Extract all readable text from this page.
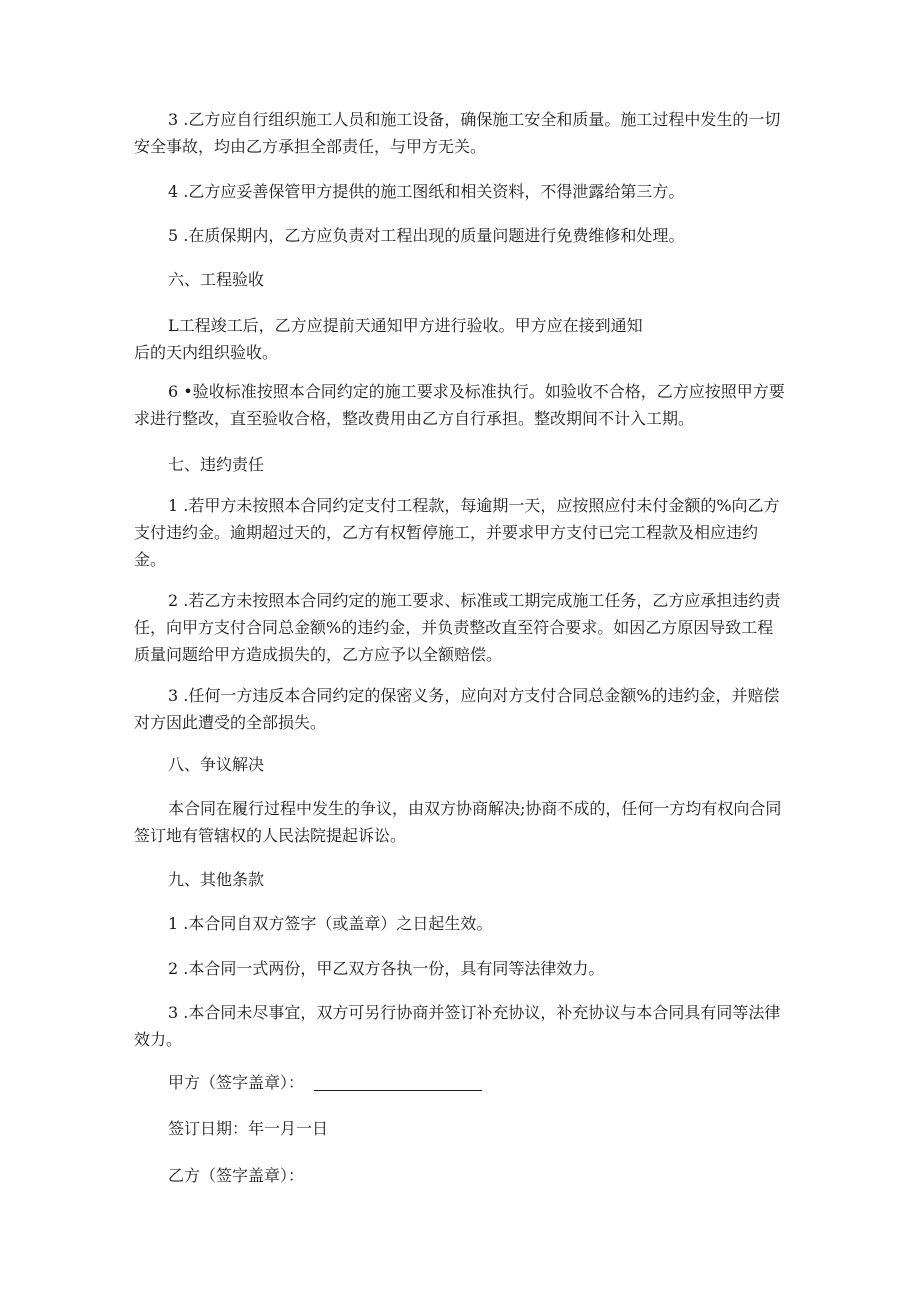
3 .乙方应自行组织施工人员和施工设备，确保施工安全和质量。施工过程中发生的一切安全事故，均由乙方承担全部责任，与甲方无关。
4 .乙方应妥善保管甲方提供的施工图纸和相关资料，不得泄露给第三方。
5 .在质保期内，乙方应负责对工程出现的质量问题进行免费维修和处理。
六、工程验收
L工程竣工后，乙方应提前天通知甲方进行验收。甲方应在接到通知
后的天内组织验收。
6 •验收标准按照本合同约定的施工要求及标准执行。如验收不合格，乙方应按照甲方要求进行整改，直至验收合格，整改费用由乙方自行承担。整改期间不计入工期。
七、违约责任
1 .若甲方未按照本合同约定支付工程款，每逾期一天，应按照应付未付金额的%向乙方支付违约金。逾期超过天的，乙方有权暂停施工，并要求甲方支付已完工程款及相应违约金。
2 .若乙方未按照本合同约定的施工要求、标准或工期完成施工任务，乙方应承担违约责任，向甲方支付合同总金额%的违约金，并负责整改直至符合要求。如因乙方原因导致工程质量问题给甲方造成损失的，乙方应予以全额赔偿。
3 .任何一方违反本合同约定的保密义务，应向对方支付合同总金额%的违约金，并赔偿对方因此遭受的全部损失。
八、争议解决
本合同在履行过程中发生的争议，由双方协商解决;协商不成的，任何一方均有权向合同签订地有管辖权的人民法院提起诉讼。
九、其他条款
1 .本合同自双方签字（或盖章）之日起生效。
2 .本合同一式两份，甲乙双方各执一份，具有同等法律效力。
3 .本合同未尽事宜，双方可另行协商并签订补充协议，补充协议与本合同具有同等法律效力。
甲方（签字盖章）：
签订日期：年一月一日
乙方（签字盖章）：
